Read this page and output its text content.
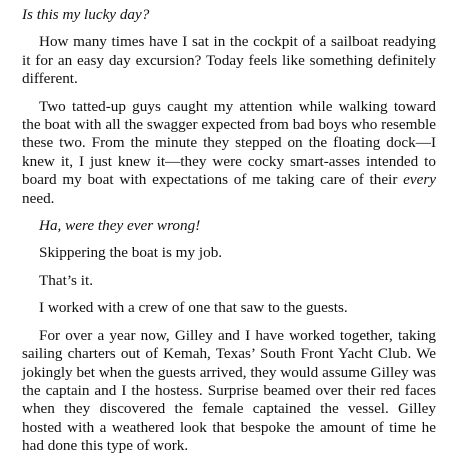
Is this my lucky day?

How many times have I sat in the cockpit of a sailboat readying it for an easy day excursion? Today feels like something definitely different.

Two tatted-up guys caught my attention while walking toward the boat with all the swagger expected from bad boys who resemble these two. From the minute they stepped on the floating dock—I knew it, I just knew it—they were cocky smart-asses intended to board my boat with expectations of me taking care of their every need.

Ha, were they ever wrong!

Skippering the boat is my job.

That’s it.

I worked with a crew of one that saw to the guests.

For over a year now, Gilley and I have worked together, taking sailing charters out of Kemah, Texas’ South Front Yacht Club. We jokingly bet when the guests arrived, they would assume Gilley was the captain and I the hostess. Surprise beamed over their red faces when they discovered the female captained the vessel. Gilley hosted with a weathered look that bespoke the amount of time he had done this type of work.
